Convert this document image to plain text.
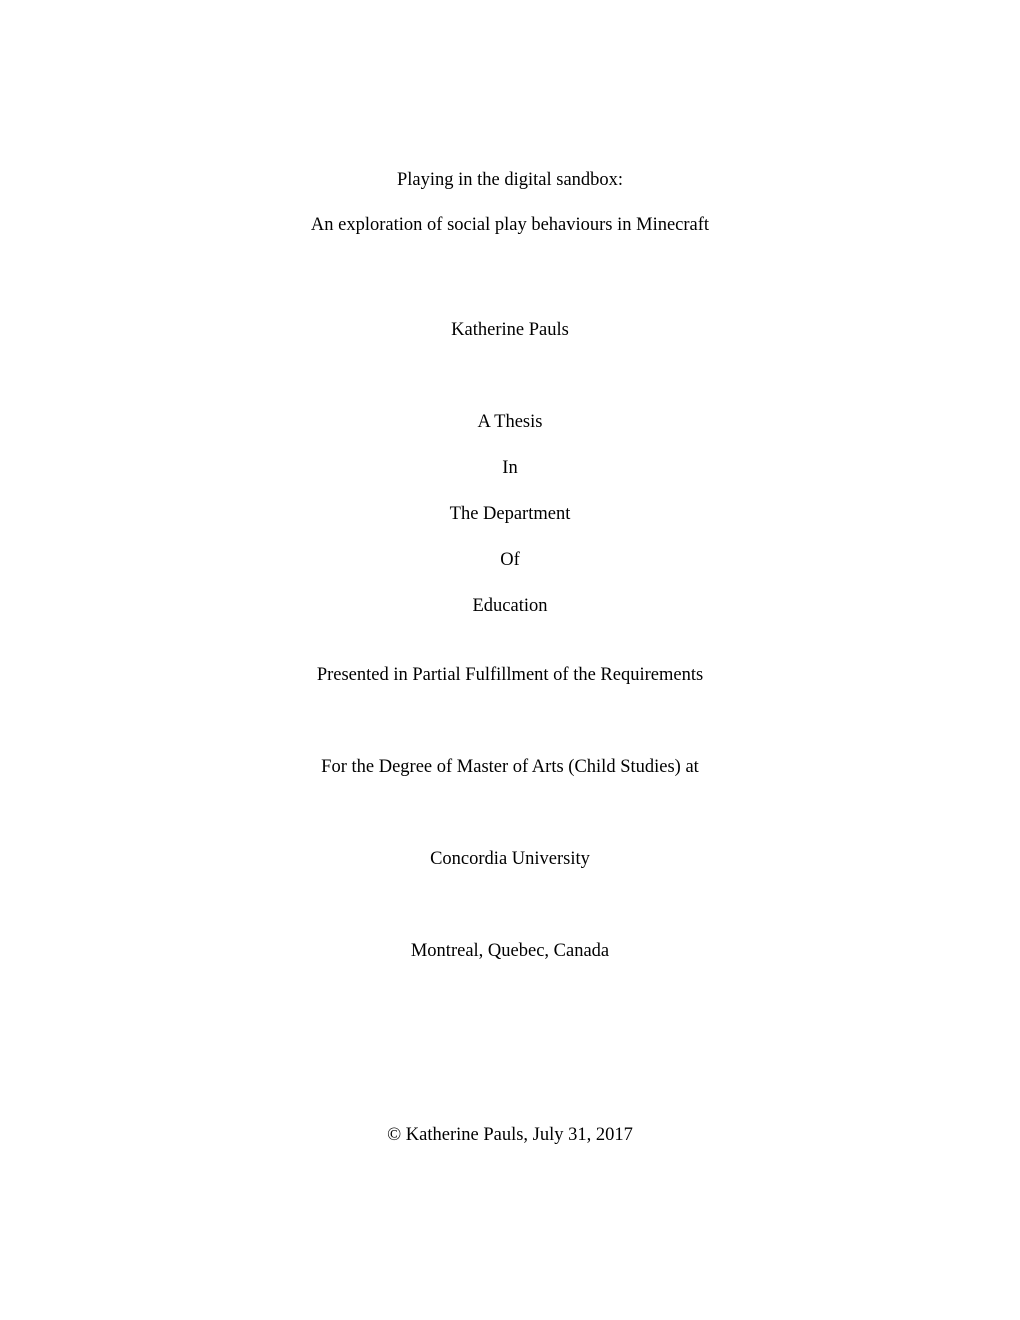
Playing in the digital sandbox:
An exploration of social play behaviours in Minecraft
Katherine Pauls
A Thesis
In
The Department
Of
Education
Presented in Partial Fulfillment of the Requirements
For the Degree of Master of Arts (Child Studies) at
Concordia University
Montreal, Quebec, Canada
© Katherine Pauls, July 31, 2017
